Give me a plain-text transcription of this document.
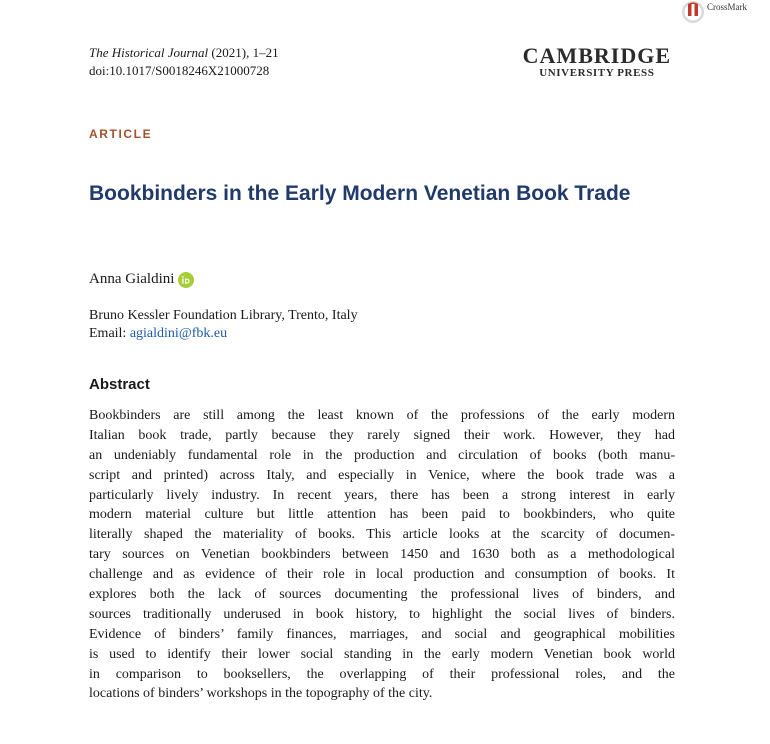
CrossMark
The Historical Journal (2021), 1–21
doi:10.1017/S0018246X21000728
CAMBRIDGE
UNIVERSITY PRESS
ARTICLE
Bookbinders in the Early Modern Venetian Book Trade
Anna Gialdini
Bruno Kessler Foundation Library, Trento, Italy
Email: agialdini@fbk.eu
Abstract
Bookbinders are still among the least known of the professions of the early modern
Italian book trade, partly because they rarely signed their work. However, they had
an undeniably fundamental role in the production and circulation of books (both manu-
script and printed) across Italy, and especially in Venice, where the book trade was a
particularly lively industry. In recent years, there has been a strong interest in early
modern material culture but little attention has been paid to bookbinders, who quite
literally shaped the materiality of books. This article looks at the scarcity of documen-
tary sources on Venetian bookbinders between 1450 and 1630 both as a methodological
challenge and as evidence of their role in local production and consumption of books. It
explores both the lack of sources documenting the professional lives of binders, and
sources traditionally underused in book history, to highlight the social lives of binders.
Evidence of binders’ family finances, marriages, and social and geographical mobilities
is used to identify their lower social standing in the early modern Venetian book world
in comparison to booksellers, the overlapping of their professional roles, and the
locations of binders’ workshops in the topography of the city.
